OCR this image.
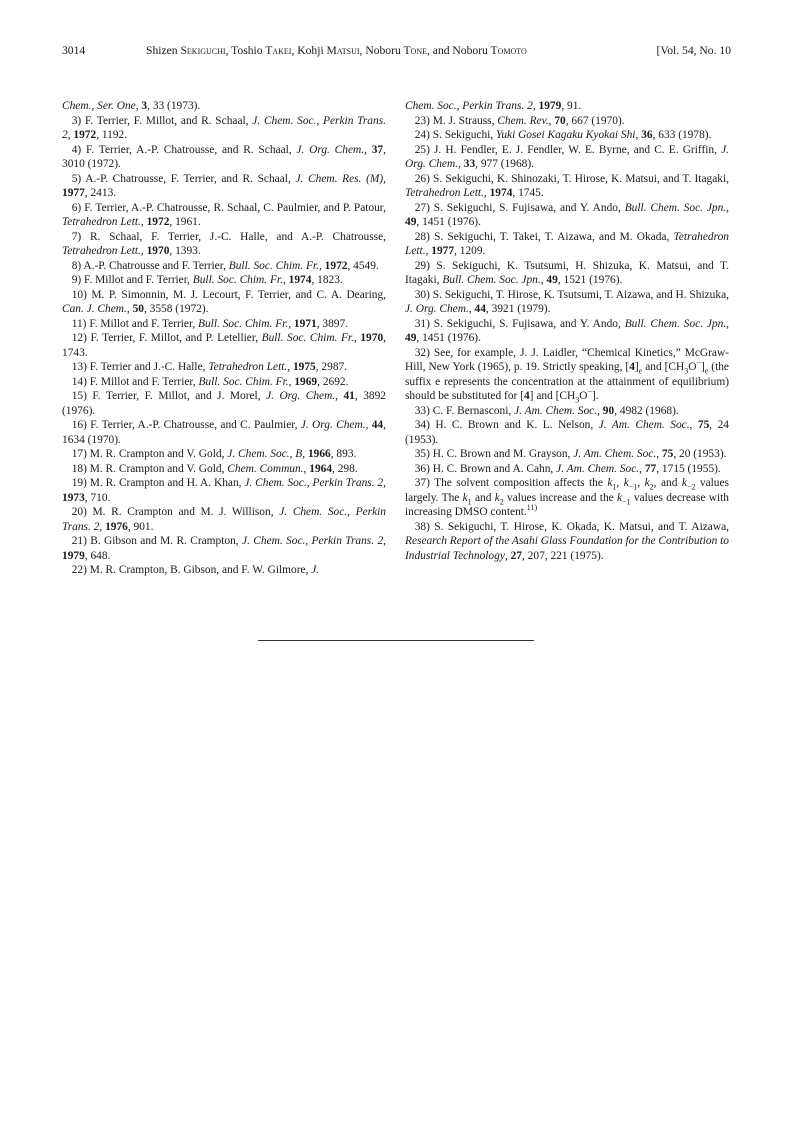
3014	Shizen Sekiguchi, Toshio Takei, Kohji Matsui, Noboru Tone, and Noboru Tomoto	[Vol. 54, No. 10

Chem., Ser. One, 3, 33 (1973).

3) F. Terrier, F. Millot, and R. Schaal, J. Chem. Soc., Perkin Trans. 2, 1972, 1192.

4) F. Terrier, A.-P. Chatrousse, and R. Schaal, J. Org. Chem., 37, 3010 (1972).

5) A.-P. Chatrousse, F. Terrier, and R. Schaal, J. Chem. Res. (M), 1977, 2413.

6) F. Terrier, A.-P. Chatrousse, R. Schaal, C. Paulmier, and P. Patour, Tetrahedron Lett., 1972, 1961.

7) R. Schaal, F. Terrier, J.-C. Halle, and A.-P. Chatrousse, Tetrahedron Lett., 1970, 1393.

8) A.-P. Chatrousse and F. Terrier, Bull. Soc. Chim. Fr., 1972, 4549.

9) F. Millot and F. Terrier, Bull. Soc. Chim. Fr., 1974, 1823.

10) M. P. Simonnin, M. J. Lecourt, F. Terrier, and C. A. Dearing, Can. J. Chem., 50, 3558 (1972).

11) F. Millot and F. Terrier, Bull. Soc. Chim. Fr., 1971, 3897.

12) F. Terrier, F. Millot, and P. Letellier, Bull. Soc. Chim. Fr., 1970, 1743.

13) F. Terrier and J.-C. Halle, Tetrahedron Lett., 1975, 2987.

14) F. Millot and F. Terrier, Bull. Soc. Chim. Fr., 1969, 2692.

15) F. Terrier, F. Millot, and J. Morel, J. Org. Chem., 41, 3892 (1976).

16) F. Terrier, A.-P. Chatrousse, and C. Paulmier, J. Org. Chem., 44, 1634 (1970).

17) M. R. Crampton and V. Gold, J. Chem. Soc., B, 1966, 893.

18) M. R. Crampton and V. Gold, Chem. Commun., 1964, 298.

19) M. R. Crampton and H. A. Khan, J. Chem. Soc., Perkin Trans. 2, 1973, 710.

20) M. R. Crampton and M. J. Willison, J. Chem. Soc., Perkin Trans. 2, 1976, 901.

21) B. Gibson and M. R. Crampton, J. Chem. Soc., Perkin Trans. 2, 1979, 648.

22) M. R. Crampton, B. Gibson, and F. W. Gilmore, J.

Chem. Soc., Perkin Trans. 2, 1979, 91.

23) M. J. Strauss, Chem. Rev., 70, 667 (1970).

24) S. Sekiguchi, Yuki Gosei Kagaku Kyokai Shi, 36, 633 (1978).

25) J. H. Fendler, E. J. Fendler, W. E. Byrne, and C. E. Griffin, J. Org. Chem., 33, 977 (1968).

26) S. Sekiguchi, K. Shinozaki, T. Hirose, K. Matsui, and T. Itagaki, Tetrahedron Lett., 1974, 1745.

27) S. Sekiguchi, S. Fujisawa, and Y. Ando, Bull. Chem. Soc. Jpn., 49, 1451 (1976).

28) S. Sekiguchi, T. Takei, T. Aizawa, and M. Okada, Tetrahedron Lett., 1977, 1209.

29) S. Sekiguchi, K. Tsutsumi, H. Shizuka, K. Matsui, and T. Itagaki, Bull. Chem. Soc. Jpn., 49, 1521 (1976).

30) S. Sekiguchi, T. Hirose, K. Tsutsumi, T. Aizawa, and H. Shizuka, J. Org. Chem., 44, 3921 (1979).

31) S. Sekiguchi, S. Fujisawa, and Y. Ando, Bull. Chem. Soc. Jpn., 49, 1451 (1976).

32) See, for example, J. J. Laidler, “Chemical Kinetics,” McGraw-Hill, New York (1965), p. 19. Strictly speaking, $[4]_e$ and $[CH_3O^-]_e$ (the suffix e represents the concentration at the attainment of equilibrium) should be substituted for [4] and $[CH_3O^-]$.

33) C. F. Bernasconi, J. Am. Chem. Soc., 90, 4982 (1968).

34) H. C. Brown and K. L. Nelson, J. Am. Chem. Soc., 75, 24 (1953).

35) H. C. Brown and M. Grayson, J. Am. Chem. Soc., 75, 20 (1953).

36) H. C. Brown and A. Cahn, J. Am. Chem. Soc., 77, 1715 (1955).

37) The solvent composition affects the $k_1$, $k_{-1}$, $k_2$, and $k_{-2}$ values largely. The $k_1$ and $k_2$ values increase and the $k_{-1}$ values decrease with increasing DMSO content.$^{11)}$

38) S. Sekiguchi, T. Hirose, K. Okada, K. Matsui, and T. Aizawa, Research Report of the Asahi Glass Foundation for the Contribution to Industrial Technology, 27, 207, 221 (1975).
